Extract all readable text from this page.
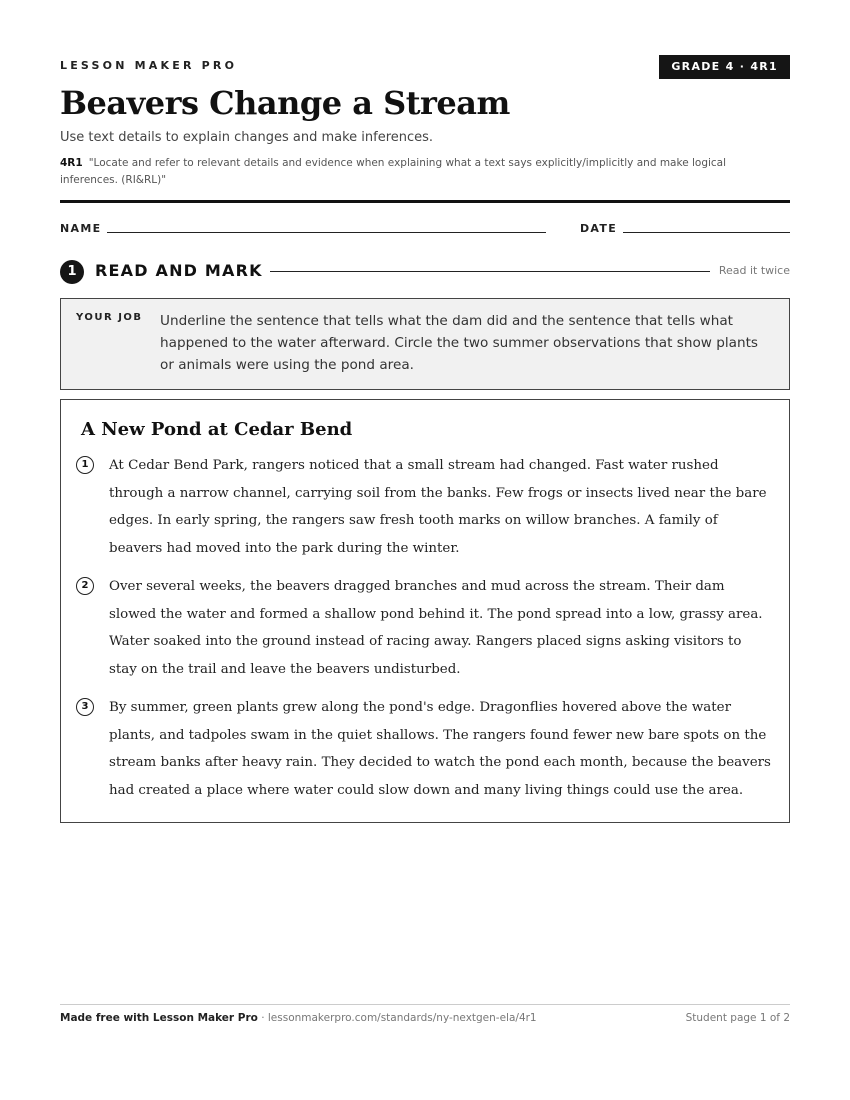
LESSON MAKER PRO	GRADE 4 · 4R1
Beavers Change a Stream
Use text details to explain changes and make inferences.
4R1 "Locate and refer to relevant details and evidence when explaining what a text says explicitly/implicitly and make logical inferences. (RI&RL)"
NAME	DATE
1	READ AND MARK	Read it twice
YOUR JOB Underline the sentence that tells what the dam did and the sentence that tells what happened to the water afterward. Circle the two summer observations that show plants or animals were using the pond area.
A New Pond at Cedar Bend
1	At Cedar Bend Park, rangers noticed that a small stream had changed. Fast water rushed through a narrow channel, carrying soil from the banks. Few frogs or insects lived near the bare edges. In early spring, the rangers saw fresh tooth marks on willow branches. A family of beavers had moved into the park during the winter.
2	Over several weeks, the beavers dragged branches and mud across the stream. Their dam slowed the water and formed a shallow pond behind it. The pond spread into a low, grassy area. Water soaked into the ground instead of racing away. Rangers placed signs asking visitors to stay on the trail and leave the beavers undisturbed.
3	By summer, green plants grew along the pond's edge. Dragonflies hovered above the water plants, and tadpoles swam in the quiet shallows. The rangers found fewer new bare spots on the stream banks after heavy rain. They decided to watch the pond each month, because the beavers had created a place where water could slow down and many living things could use the area.
Made free with Lesson Maker Pro · lessonmakerpro.com/standards/ny-nextgen-ela/4r1	Student page 1 of 2
